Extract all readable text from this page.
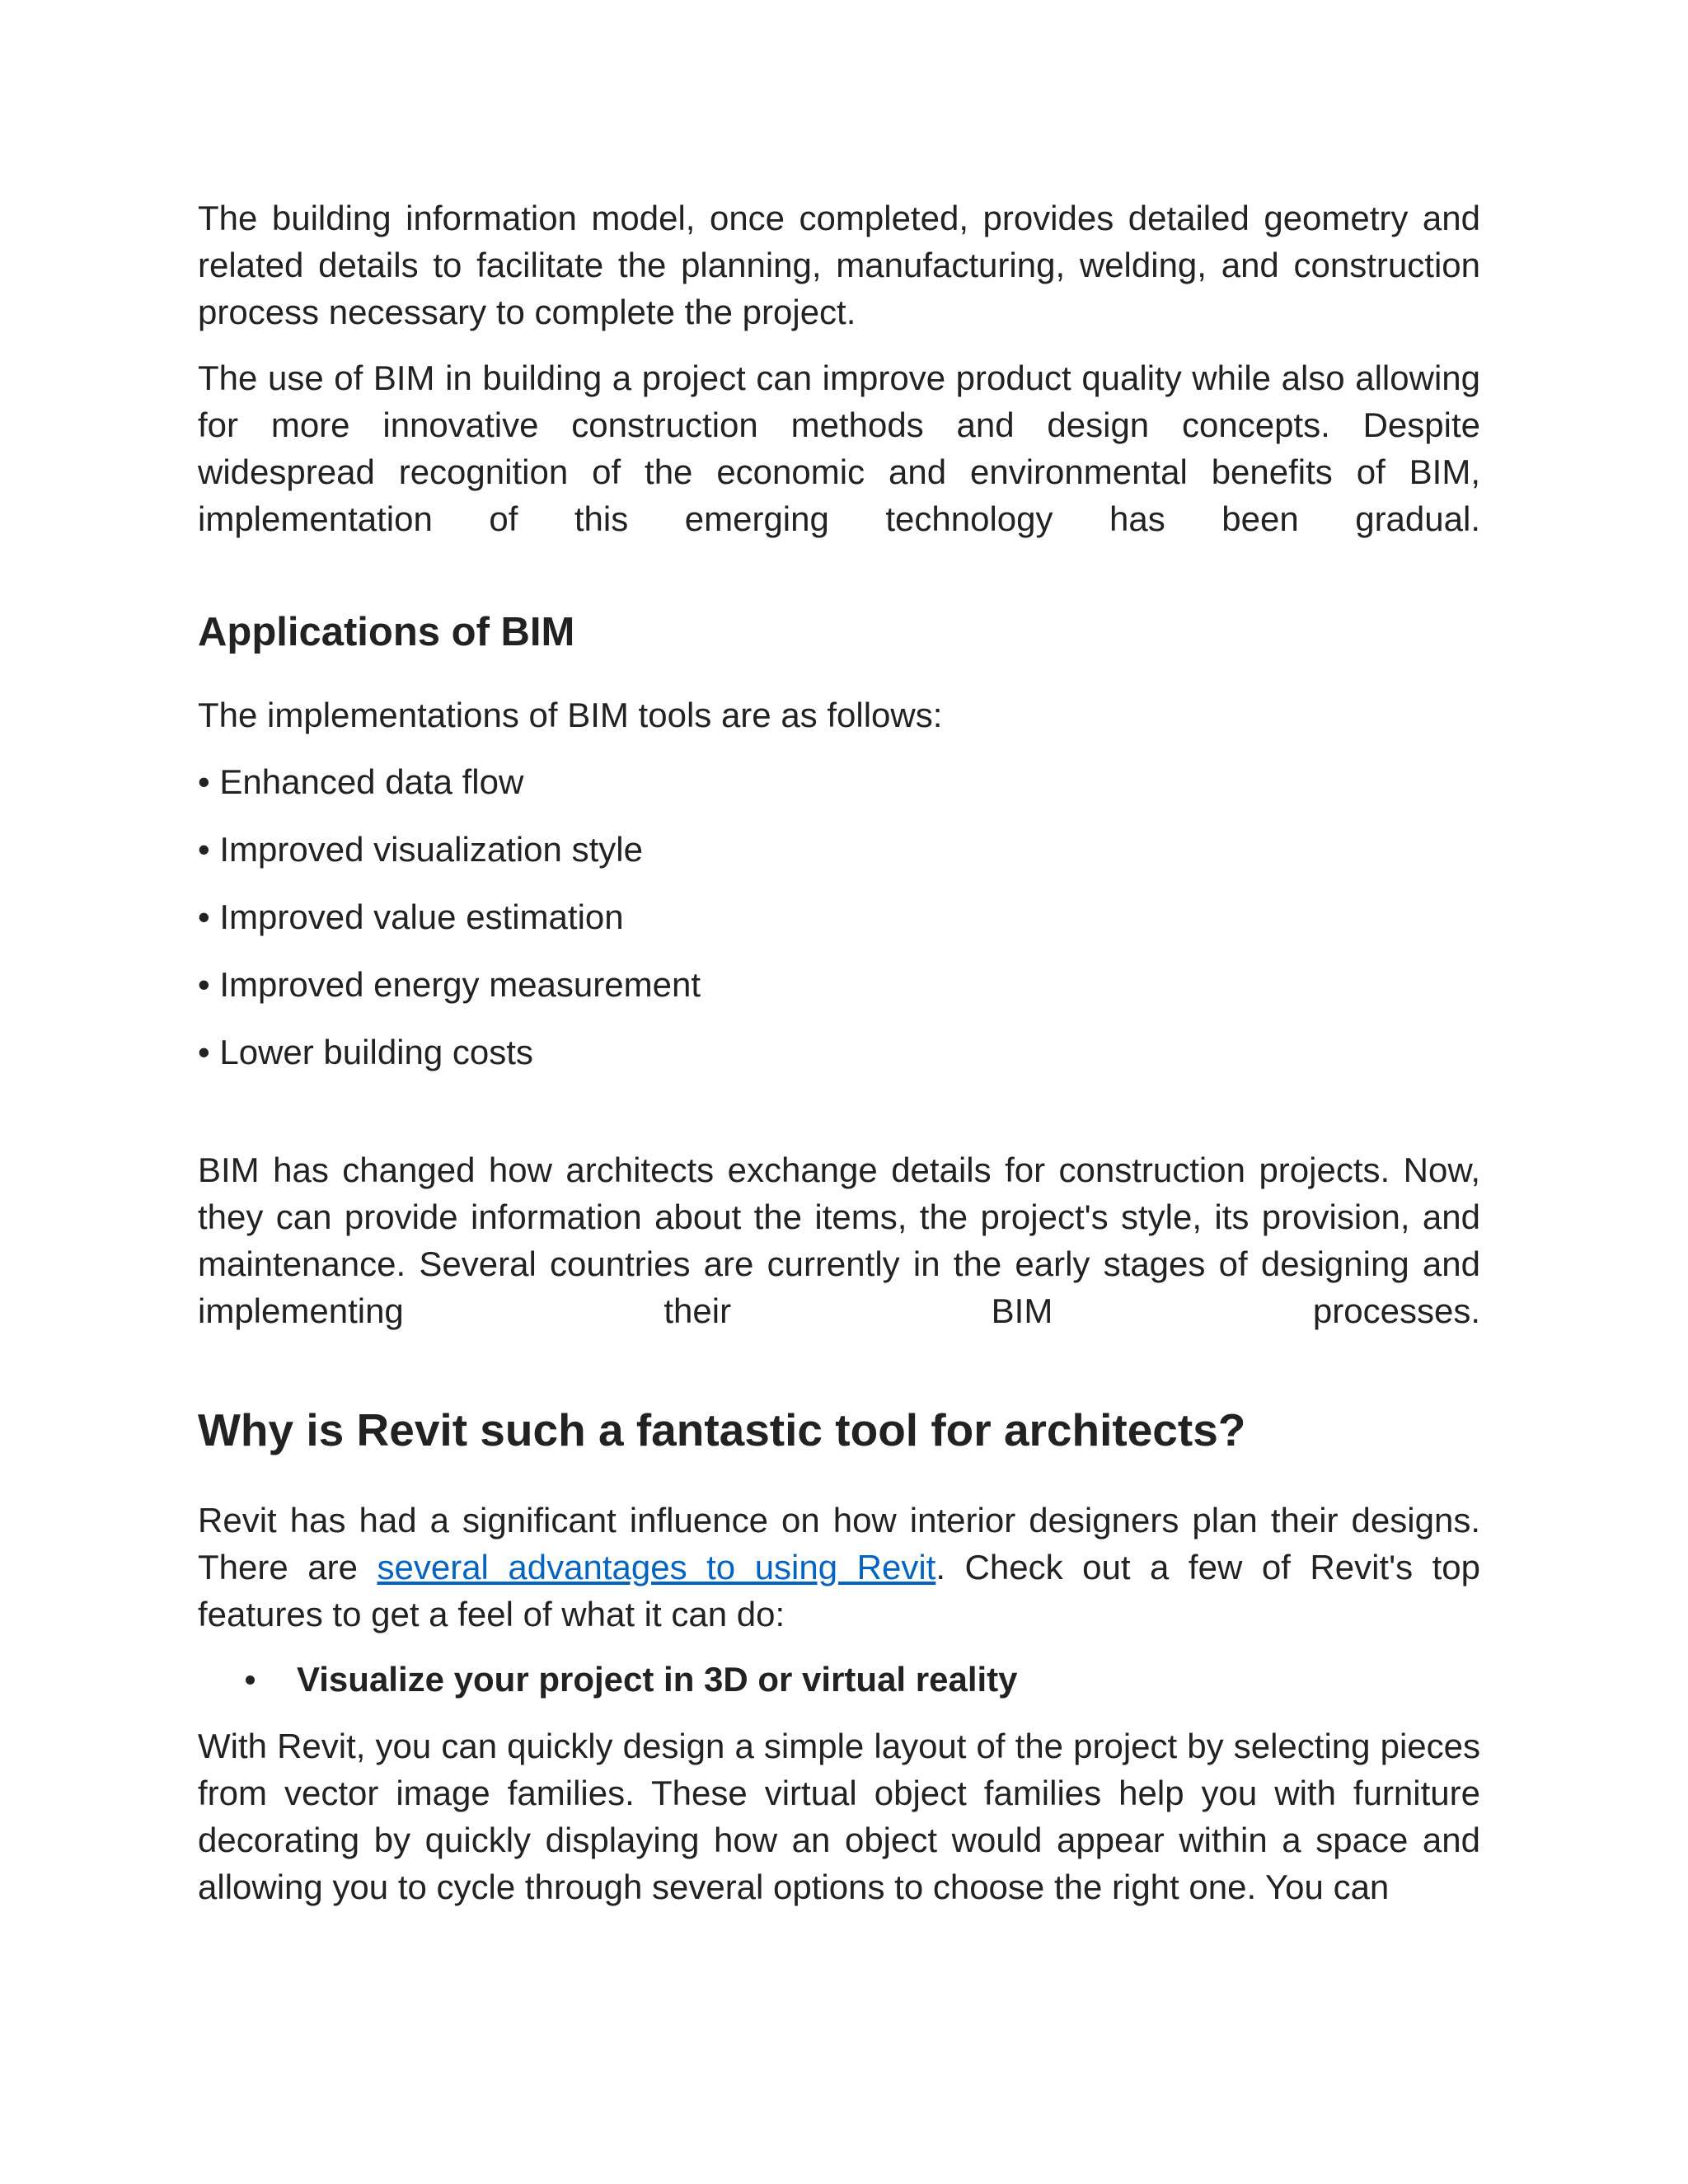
The building information model, once completed, provides detailed geometry and related details to facilitate the planning, manufacturing, welding, and construction process necessary to complete the project.

The use of BIM in building a project can improve product quality while also allowing for more innovative construction methods and design concepts. Despite widespread recognition of the economic and environmental benefits of BIM, implementation of this emerging technology has been gradual.

Applications of BIM

The implementations of BIM tools are as follows:

• Enhanced data flow
• Improved visualization style
• Improved value estimation
• Improved energy measurement
• Lower building costs

BIM has changed how architects exchange details for construction projects. Now, they can provide information about the items, the project's style, its provision, and maintenance. Several countries are currently in the early stages of designing and implementing their BIM processes.

Why is Revit such a fantastic tool for architects?

Revit has had a significant influence on how interior designers plan their designs. There are several advantages to using Revit. Check out a few of Revit's top features to get a feel of what it can do:

Visualize your project in 3D or virtual reality

With Revit, you can quickly design a simple layout of the project by selecting pieces from vector image families. These virtual object families help you with furniture decorating by quickly displaying how an object would appear within a space and allowing you to cycle through several options to choose the right one. You can
